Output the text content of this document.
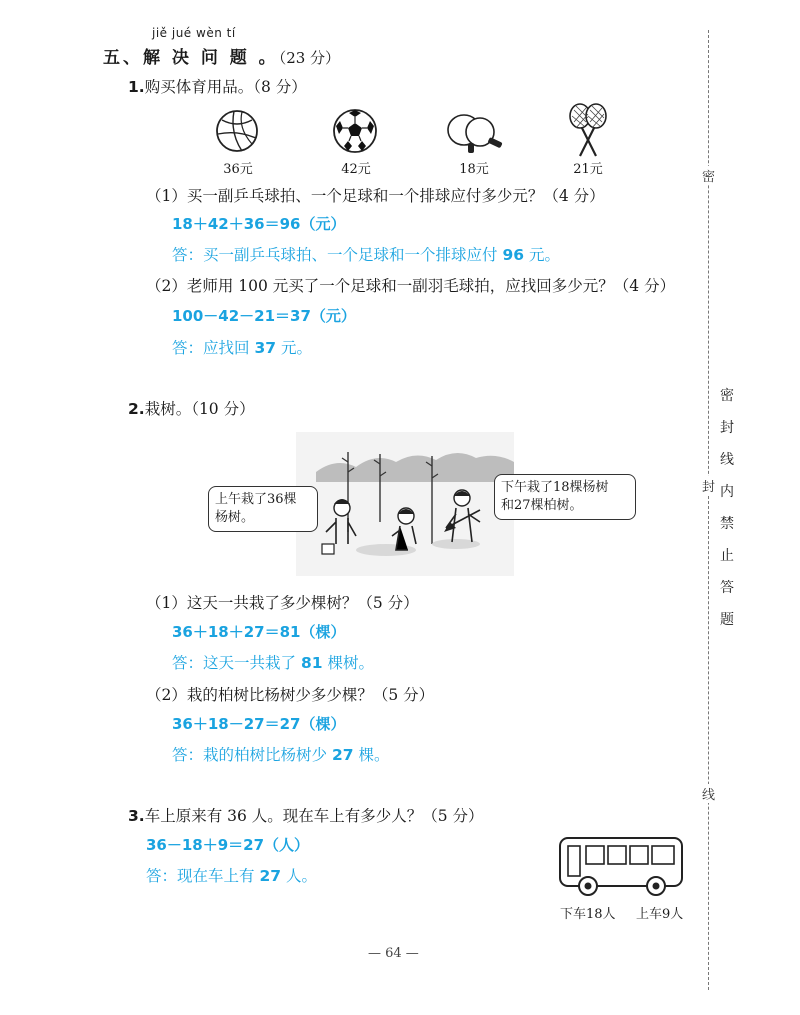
jiě jué wèn tí
五、解 决 问 题 。（23 分）
1.购买体育用品。（8 分）
36元	42元	18元	21元
（1）买一副乒乓球拍、一个足球和一个排球应付多少元？（4 分）
18＋42＋36＝96（元）
答：买一副乒乓球拍、一个足球和一个排球应付 96 元。
（2）老师用 100 元买了一个足球和一副羽毛球拍，应找回多少元？（4 分）
100－42－21＝37（元）
答：应找回 37 元。
2.栽树。（10 分）
上午栽了36棵
杨树。
下午栽了18棵杨树
和27棵柏树。
（1）这天一共栽了多少棵树？（5 分）
36＋18＋27＝81（棵）
答：这天一共栽了 81 棵树。
（2）栽的柏树比杨树少多少棵？（5 分）
36＋18－27＝27（棵）
答：栽的柏树比杨树少 27 棵。
3.车上原来有 36 人。现在车上有多少人？（5 分）
36－18＋9＝27（人）
答：现在车上有 27 人。
下车18人 上车9人
— 64 —
密
封
线
密
封
线
内
禁
止
答
题
